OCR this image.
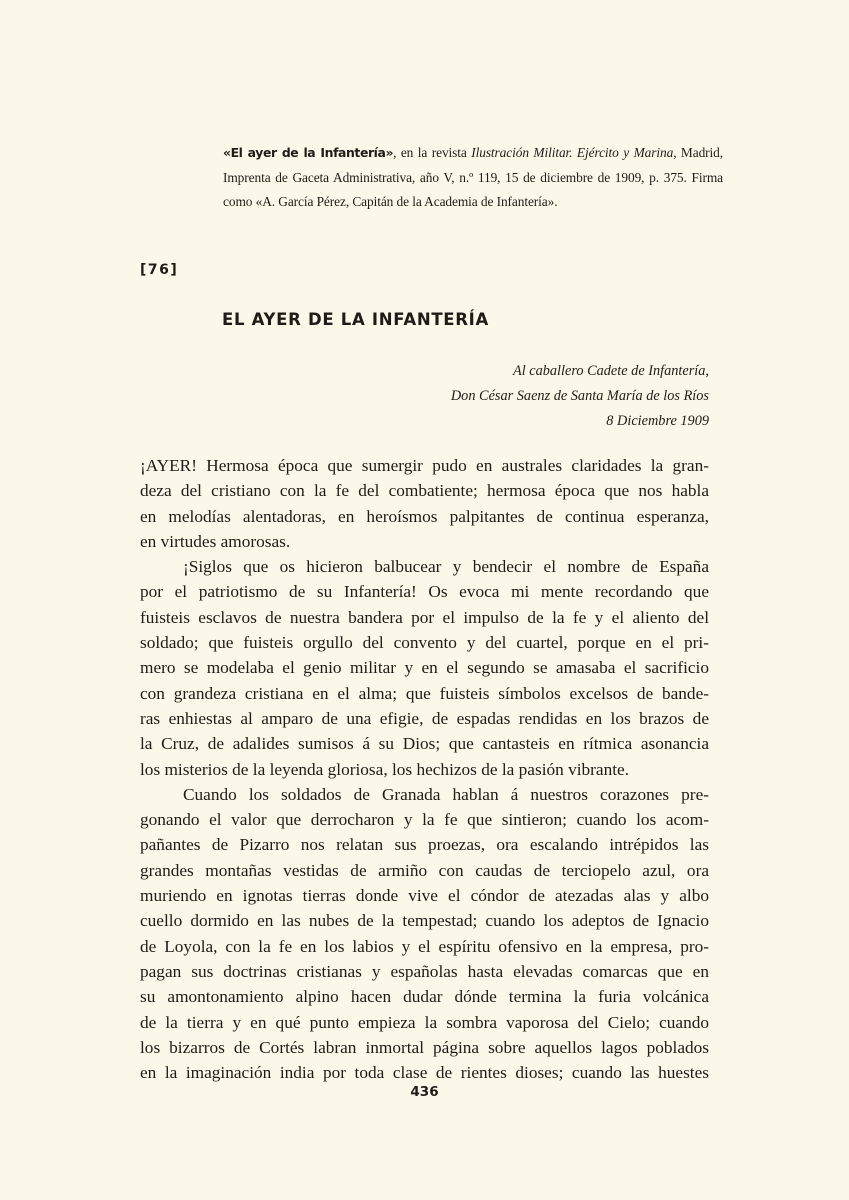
«El ayer de la Infantería», en la revista Ilustración Militar. Ejército y Marina, Madrid, Imprenta de Gaceta Administrativa, año V, n.º 119, 15 de diciembre de 1909, p. 375. Firma como «A. García Pérez, Capitán de la Academia de Infantería».
[76]
EL AYER DE LA INFANTERÍA
Al caballero Cadete de Infantería,
Don César Saenz de Santa María de los Ríos
8 Diciembre 1909
¡AYER! Hermosa época que sumergir pudo en australes claridades la gran-
deza del cristiano con la fe del combatiente; hermosa época que nos habla
en melodías alentadoras, en heroísmos palpitantes de continua esperanza,
en virtudes amorosas.
¡Siglos que os hicieron balbucear y bendecir el nombre de España
por el patriotismo de su Infantería! Os evoca mi mente recordando que
fuisteis esclavos de nuestra bandera por el impulso de la fe y el aliento del
soldado; que fuisteis orgullo del convento y del cuartel, porque en el pri-
mero se modelaba el genio militar y en el segundo se amasaba el sacrificio
con grandeza cristiana en el alma; que fuisteis símbolos excelsos de bande-
ras enhiestas al amparo de una efigie, de espadas rendidas en los brazos de
la Cruz, de adalides sumisos á su Dios; que cantasteis en rítmica asonancia
los misterios de la leyenda gloriosa, los hechizos de la pasión vibrante.
Cuando los soldados de Granada hablan á nuestros corazones pre-
gonando el valor que derrocharon y la fe que sintieron; cuando los acom-
pañantes de Pizarro nos relatan sus proezas, ora escalando intrépidos las
grandes montañas vestidas de armiño con caudas de terciopelo azul, ora
muriendo en ignotas tierras donde vive el cóndor de atezadas alas y albo
cuello dormido en las nubes de la tempestad; cuando los adeptos de Ignacio
de Loyola, con la fe en los labios y el espíritu ofensivo en la empresa, pro-
pagan sus doctrinas cristianas y españolas hasta elevadas comarcas que en
su amontonamiento alpino hacen dudar dónde termina la furia volcánica
de la tierra y en qué punto empieza la sombra vaporosa del Cielo; cuando
los bizarros de Cortés labran inmortal página sobre aquellos lagos poblados
en la imaginación india por toda clase de rientes dioses; cuando las huestes
436
